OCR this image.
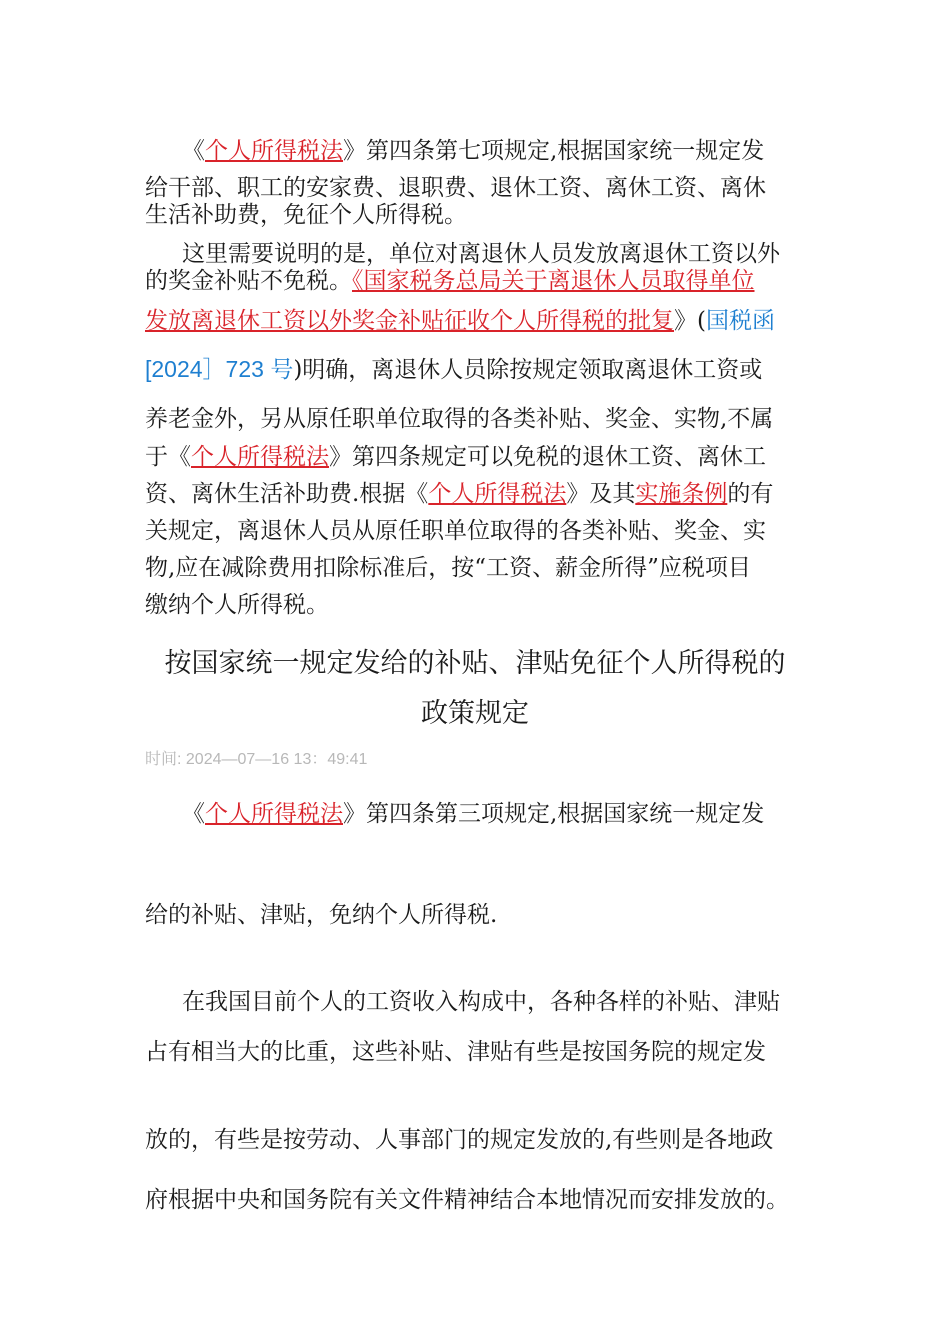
《个人所得税法》第四条第七项规定,根据国家统一规定发
给干部、职工的安家费、退职费、退休工资、离休工资、离休
生活补助费，免征个人所得税。
这里需要说明的是，单位对离退休人员发放离退休工资以外
的奖金补贴不免税。《国家税务总局关于离退休人员取得单位
发放离退休工资以外奖金补贴征收个人所得税的批复》(国税函
[2024］723 号)明确，离退休人员除按规定领取离退休工资或
养老金外，另从原任职单位取得的各类补贴、奖金、实物,不属
于《个人所得税法》第四条规定可以免税的退休工资、离休工
资、离休生活补助费.根据《个人所得税法》及其实施条例的有
关规定，离退休人员从原任职单位取得的各类补贴、奖金、实
物,应在减除费用扣除标准后，按“工资、薪金所得”应税项目
缴纳个人所得税。
按国家统一规定发给的补贴、津贴免征个人所得税的
政策规定
时间: 2024—07—16 13：49:41
《个人所得税法》第四条第三项规定,根据国家统一规定发
给的补贴、津贴，免纳个人所得税.
在我国目前个人的工资收入构成中，各种各样的补贴、津贴
占有相当大的比重，这些补贴、津贴有些是按国务院的规定发
放的，有些是按劳动、人事部门的规定发放的,有些则是各地政
府根据中央和国务院有关文件精神结合本地情况而安排发放的。
